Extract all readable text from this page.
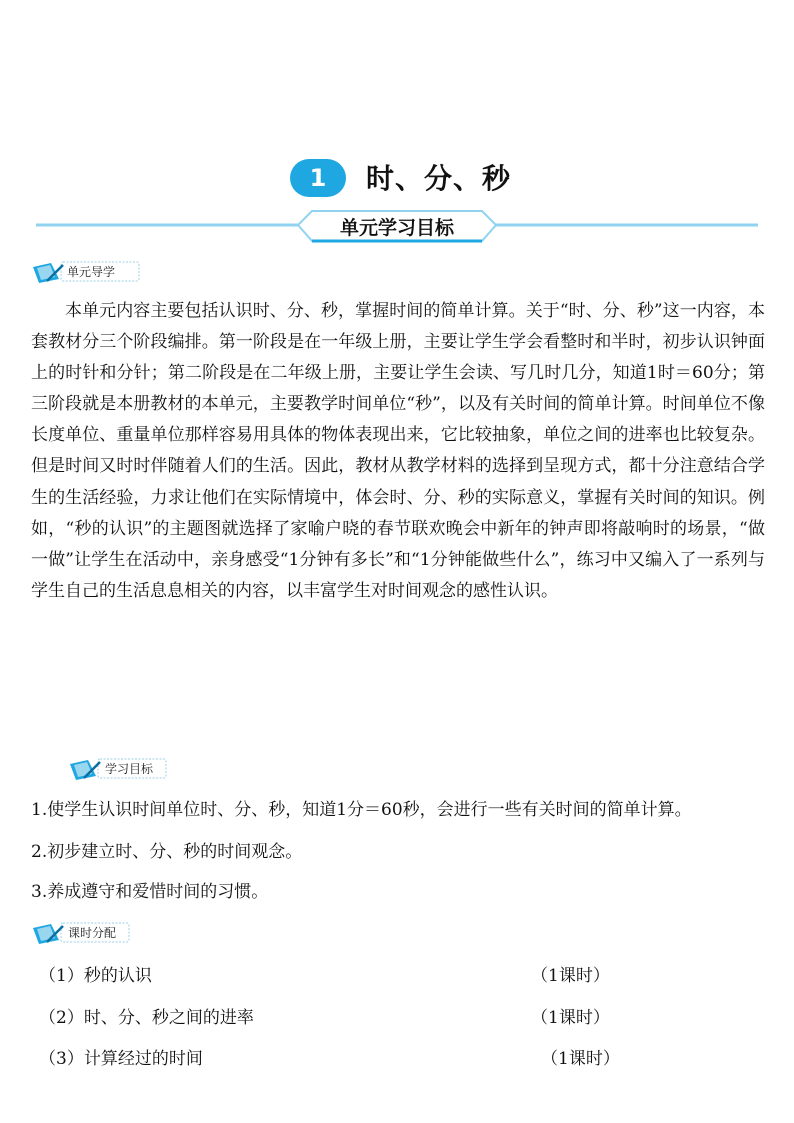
1	时、分、秒
单元学习目标
单元导学

本单元内容主要包括认识时、分、秒，掌握时间的简单计算。关于“时、分、秒”这一内容，本套教材分三个阶段编排。第一阶段是在一年级上册，主要让学生学会看整时和半时，初步认识钟面上的时针和分针；第二阶段是在二年级上册，主要让学生会读、写几时几分，知道1时＝60分；第三阶段就是本册教材的本单元，主要教学时间单位“秒”，以及有关时间的简单计算。时间单位不像长度单位、重量单位那样容易用具体的物体表现出来，它比较抽象，单位之间的进率也比较复杂。但是时间又时时伴随着人们的生活。因此，教材从教学材料的选择到呈现方式，都十分注意结合学生的生活经验，力求让他们在实际情境中，体会时、分、秒的实际意义，掌握有关时间的知识。例如，“秒的认识”的主题图就选择了家喻户晓的春节联欢晚会中新年的钟声即将敲响时的场景，“做一做”让学生在活动中，亲身感受“1分钟有多长”和“1分钟能做些什么”，练习中又编入了一系列与学生自己的生活息息相关的内容，以丰富学生对时间观念的感性认识。

学习目标

1.使学生认识时间单位时、分、秒，知道1分＝60秒，会进行一些有关时间的简单计算。

2.初步建立时、分、秒的时间观念。

3.养成遵守和爱惜时间的习惯。

课时分配
（1）秒的认识	（1课时）
（2）时、分、秒之间的进率	（1课时）
（3）计算经过的时间	（1课时）
